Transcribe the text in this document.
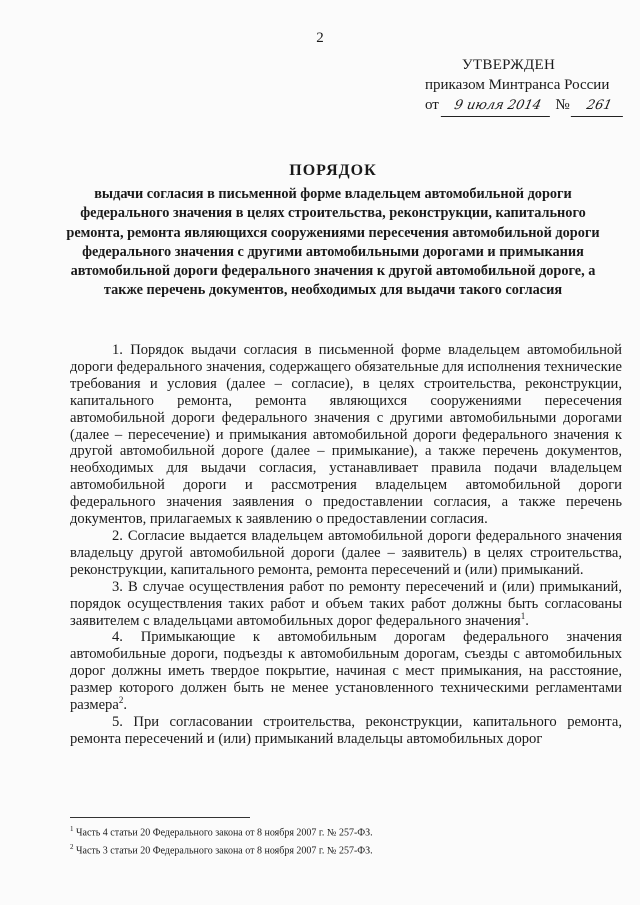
2
УТВЕРЖДЕН
приказом Минтранса России
от 9 июля 2014 № 261
ПОРЯДОК
выдачи согласия в письменной форме владельцем автомобильной дороги федерального значения в целях строительства, реконструкции, капитального ремонта, ремонта являющихся сооружениями пересечения автомобильной дороги федерального значения с другими автомобильными дорогами и примыкания автомобильной дороги федерального значения к другой автомобильной дороге, а также перечень документов, необходимых для выдачи такого согласия

1. Порядок выдачи согласия в письменной форме владельцем автомобильной дороги федерального значения, содержащего обязательные для исполнения технические требования и условия (далее – согласие), в целях строительства, реконструкции, капитального ремонта, ремонта являющихся сооружениями пересечения автомобильной дороги федерального значения с другими автомобильными дорогами (далее – пересечение) и примыкания автомобильной дороги федерального значения к другой автомобильной дороге (далее – примыкание), а также перечень документов, необходимых для выдачи согласия, устанавливает правила подачи владельцем автомобильной дороги и рассмотрения владельцем автомобильной дороги федерального значения заявления о предоставлении согласия, а также перечень документов, прилагаемых к заявлению о предоставлении согласия.

2. Согласие выдается владельцем автомобильной дороги федерального значения владельцу другой автомобильной дороги (далее – заявитель) в целях строительства, реконструкции, капитального ремонта, ремонта пересечений и (или) примыканий.

3. В случае осуществления работ по ремонту пересечений и (или) примыканий, порядок осуществления таких работ и объем таких работ должны быть согласованы заявителем с владельцами автомобильных дорог федерального значения$^1$.

4. Примыкающие к автомобильным дорогам федерального значения автомобильные дороги, подъезды к автомобильным дорогам, съезды с автомобильных дорог должны иметь твердое покрытие, начиная с мест примыкания, на расстояние, размер которого должен быть не менее установленного техническими регламентами размера$^2$.

5. При согласовании строительства, реконструкции, капитального ремонта, ремонта пересечений и (или) примыканий владельцы автомобильных дорог

$^1$ Часть 4 статьи 20 Федерального закона от 8 ноября 2007 г. № 257-ФЗ.
$^2$ Часть 3 статьи 20 Федерального закона от 8 ноября 2007 г. № 257-ФЗ.
